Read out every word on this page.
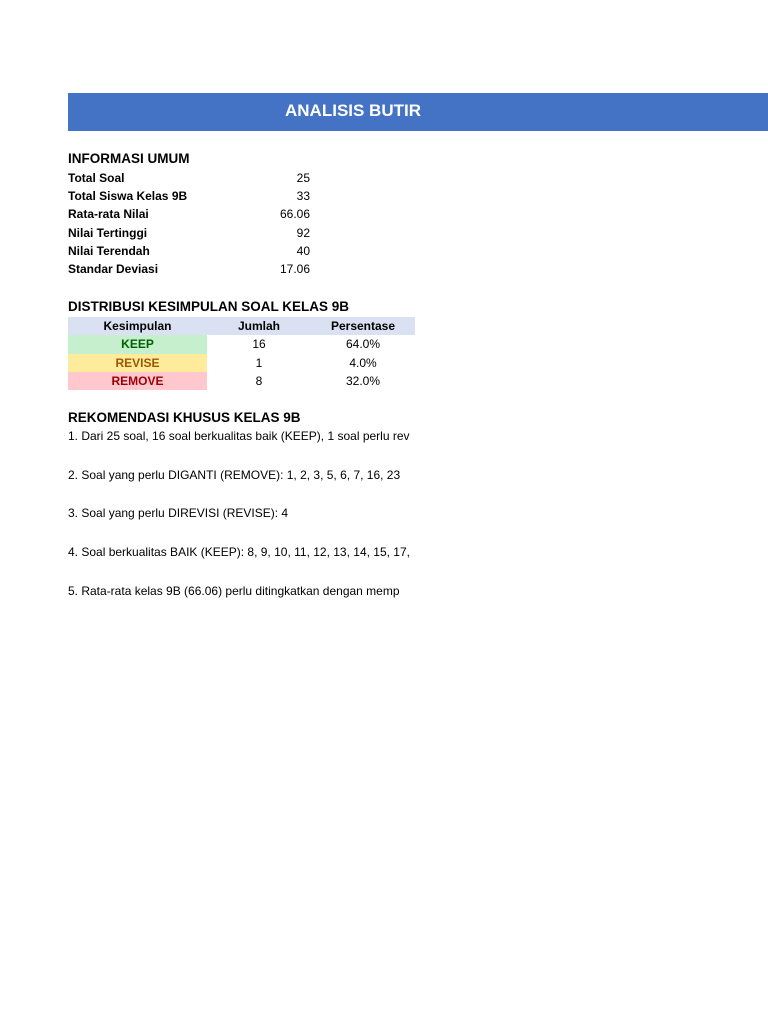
ANALISIS BUTIR
INFORMASI UMUM
Total Soal	25
Total Siswa Kelas 9B	33
Rata-rata Nilai	66.06
Nilai Tertinggi	92
Nilai Terendah	40
Standar Deviasi	17.06
DISTRIBUSI KESIMPULAN SOAL KELAS 9B
Kesimpulan	Jumlah	Persentase
KEEP	16	64.0%
REVISE	1	4.0%
REMOVE	8	32.0%
REKOMENDASI KHUSUS KELAS 9B
1. Dari 25 soal, 16 soal berkualitas baik (KEEP), 1 soal perlu rev
2. Soal yang perlu DIGANTI (REMOVE): 1, 2, 3, 5, 6, 7, 16, 23
3. Soal yang perlu DIREVISI (REVISE): 4
4. Soal berkualitas BAIK (KEEP): 8, 9, 10, 11, 12, 13, 14, 15, 17,
5. Rata-rata kelas 9B (66.06) perlu ditingkatkan dengan memp
